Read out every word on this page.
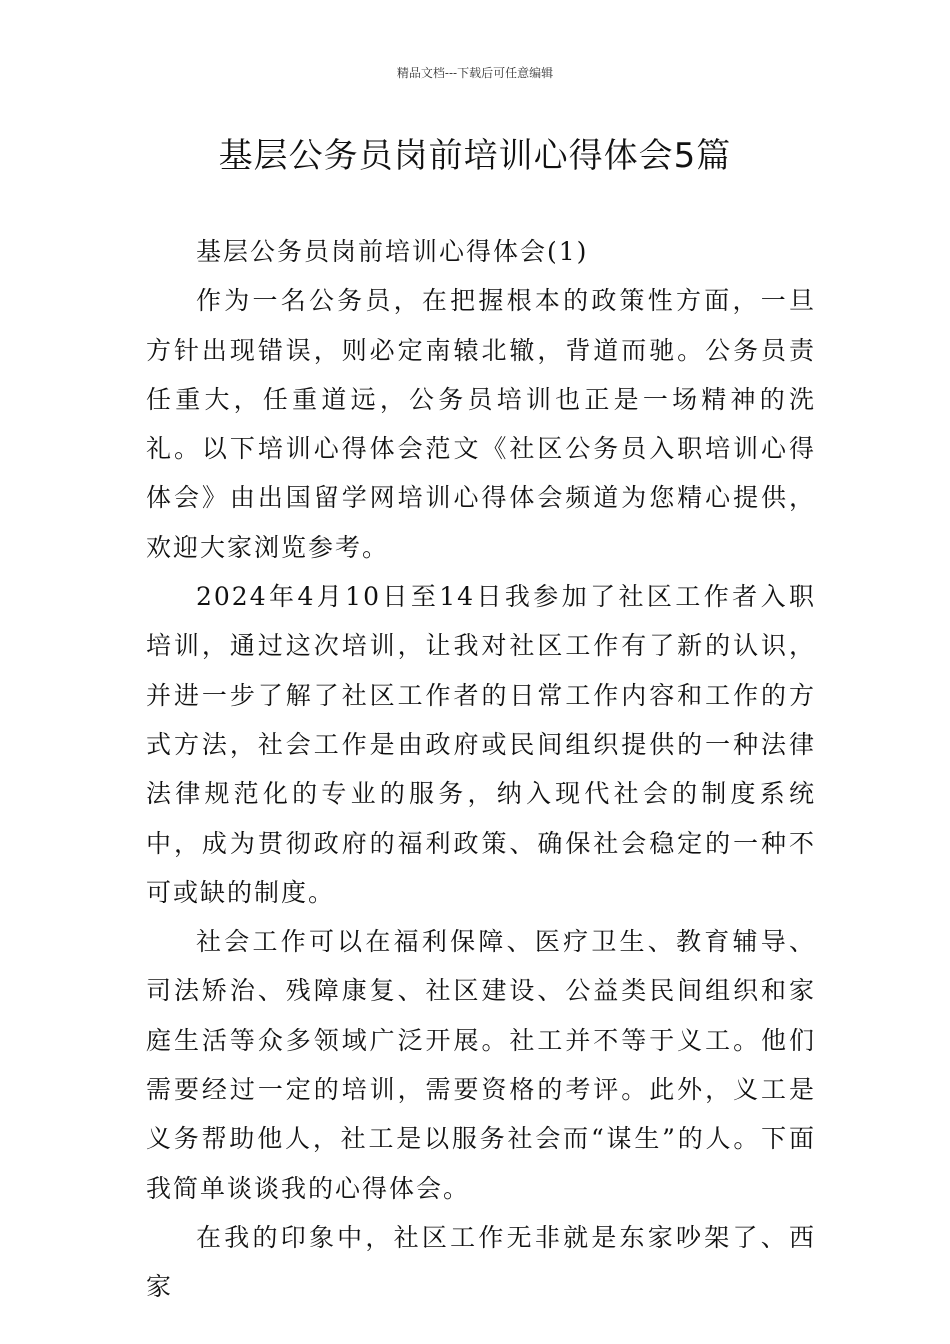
精品文档---下载后可任意编辑
基层公务员岗前培训心得体会5篇

基层公务员岗前培训心得体会(1)

作为一名公务员，在把握根本的政策性方面，一旦方针出现错误，则必定南辕北辙，背道而驰。公务员责任重大，任重道远，公务员培训也正是一场精神的洗礼。以下培训心得体会范文《社区公务员入职培训心得体会》由出国留学网培训心得体会频道为您精心提供，欢迎大家浏览参考。

2024年4月10日至14日我参加了社区工作者入职培训，通过这次培训，让我对社区工作有了新的认识，并进一步了解了社区工作者的日常工作内容和工作的方式方法，社会工作是由政府或民间组织提供的一种法律法律规范化的专业的服务，纳入现代社会的制度系统中，成为贯彻政府的福利政策、确保社会稳定的一种不可或缺的制度。

社会工作可以在福利保障、医疗卫生、教育辅导、司法矫治、残障康复、社区建设、公益类民间组织和家庭生活等众多领域广泛开展。社工并不等于义工。他们需要经过一定的培训，需要资格的考评。此外，义工是义务帮助他人，社工是以服务社会而“谋生”的人。下面我简单谈谈我的心得体会。

在我的印象中，社区工作无非就是东家吵架了、西家
